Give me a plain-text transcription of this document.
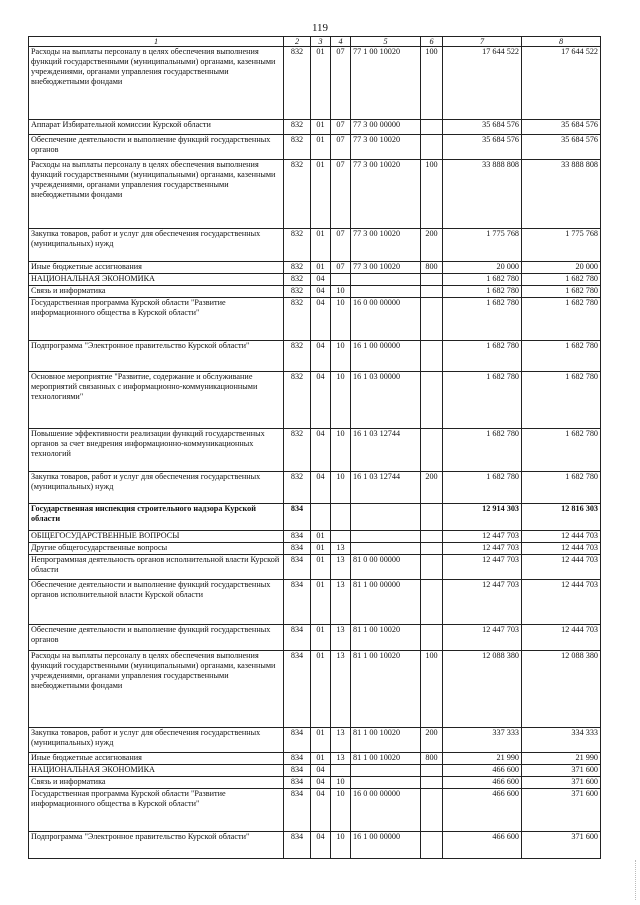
119
1	2	3	4	5	6	7	8
Расходы на выплаты персоналу в целях обеспечения выполнения функций государственными (муниципальными) органами, казенными учреждениями, органами управления государственными внебюджетными фондами	832	01	07	77 1 00 10020	100	17 644 522	17 644 522
Аппарат Избирательной комиссии Курской области	832	01	07	77 3 00 00000		35 684 576	35 684 576
Обеспечение деятельности и выполнение функций государственных органов	832	01	07	77 3 00 10020		35 684 576	35 684 576
Расходы на выплаты персоналу в целях обеспечения выполнения функций государственными (муниципальными) органами, казенными учреждениями, органами управления государственными внебюджетными фондами	832	01	07	77 3 00 10020	100	33 888 808	33 888 808
Закупка товаров, работ и услуг для обеспечения государственных (муниципальных) нужд	832	01	07	77 3 00 10020	200	1 775 768	1 775 768
Иные бюджетные ассигнования	832	01	07	77 3 00 10020	800	20 000	20 000
НАЦИОНАЛЬНАЯ ЭКОНОМИКА	832	04				1 682 780	1 682 780
Связь и информатика	832	04	10			1 682 780	1 682 780
Государственная программа Курской области "Развитие информационного общества в Курской области"	832	04	10	16 0 00 00000		1 682 780	1 682 780
Подпрограмма "Электронное правительство Курской области"	832	04	10	16 1 00 00000		1 682 780	1 682 780
Основное мероприятие "Развитие, содержание и обслуживание мероприятий связанных с информационно-коммуникационными технологиями"	832	04	10	16 1 03 00000		1 682 780	1 682 780
Повышение эффективности реализации функций государственных органов за счет внедрения информационно-коммуникационных технологий	832	04	10	16 1 03 12744		1 682 780	1 682 780
Закупка товаров, работ и услуг для обеспечения государственных (муниципальных) нужд	832	04	10	16 1 03 12744	200	1 682 780	1 682 780
Государственная инспекция строительного надзора Курской области	834					12 914 303	12 816 303
ОБЩЕГОСУДАРСТВЕННЫЕ ВОПРОСЫ	834	01				12 447 703	12 444 703
Другие общегосударственные вопросы	834	01	13			12 447 703	12 444 703
Непрограммная деятельность органов исполнительной власти Курской области	834	01	13	81 0 00 00000		12 447 703	12 444 703
Обеспечение деятельности и выполнение функций государственных органов исполнительной власти Курской области	834	01	13	81 1 00 00000		12 447 703	12 444 703
Обеспечение деятельности и выполнение функций государственных органов	834	01	13	81 1 00 10020		12 447 703	12 444 703
Расходы на выплаты персоналу в целях обеспечения выполнения функций государственными (муниципальными) органами, казенными учреждениями, органами управления государственными внебюджетными фондами	834	01	13	81 1 00 10020	100	12 088 380	12 088 380
Закупка товаров, работ и услуг для обеспечения государственных (муниципальных) нужд	834	01	13	81 1 00 10020	200	337 333	334 333
Иные бюджетные ассигнования	834	01	13	81 1 00 10020	800	21 990	21 990
НАЦИОНАЛЬНАЯ ЭКОНОМИКА	834	04				466 600	371 600
Связь и информатика	834	04	10			466 600	371 600
Государственная программа Курской области "Развитие информационного общества в Курской области"	834	04	10	16 0 00 00000		466 600	371 600
Подпрограмма "Электронное правительство Курской области"	834	04	10	16 1 00 00000		466 600	371 600
